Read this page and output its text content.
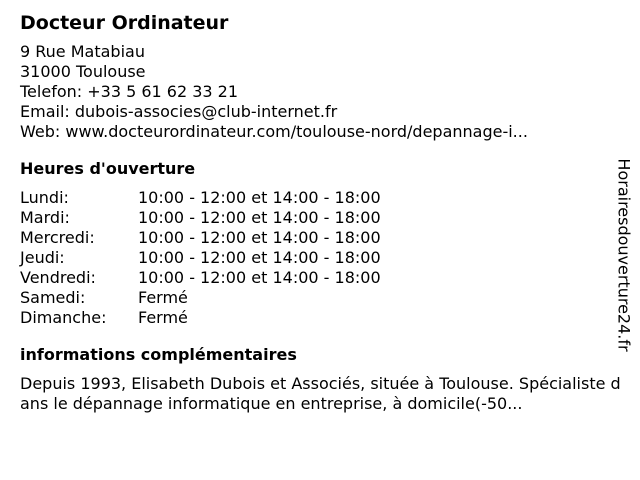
Docteur Ordinateur
9 Rue Matabiau
31000 Toulouse
Telefon: +33 5 61 62 33 21
Email: dubois-associes@club-internet.fr
Web: www.docteurordinateur.com/toulouse-nord/depannage-i...
Heures d'ouverture
Lundi:	10:00 - 12:00 et 14:00 - 18:00
Mardi:	10:00 - 12:00 et 14:00 - 18:00
Mercredi:	10:00 - 12:00 et 14:00 - 18:00
Jeudi:	10:00 - 12:00 et 14:00 - 18:00
Vendredi:	10:00 - 12:00 et 14:00 - 18:00
Samedi:	Fermé
Dimanche:	Fermé
informations complémentaires
Depuis 1993, Elisabeth Dubois et Associés, située à Toulouse. Spécialiste dans le dépannage informatique en entreprise, à domicile(-50...
Horairesdouverture24.fr
